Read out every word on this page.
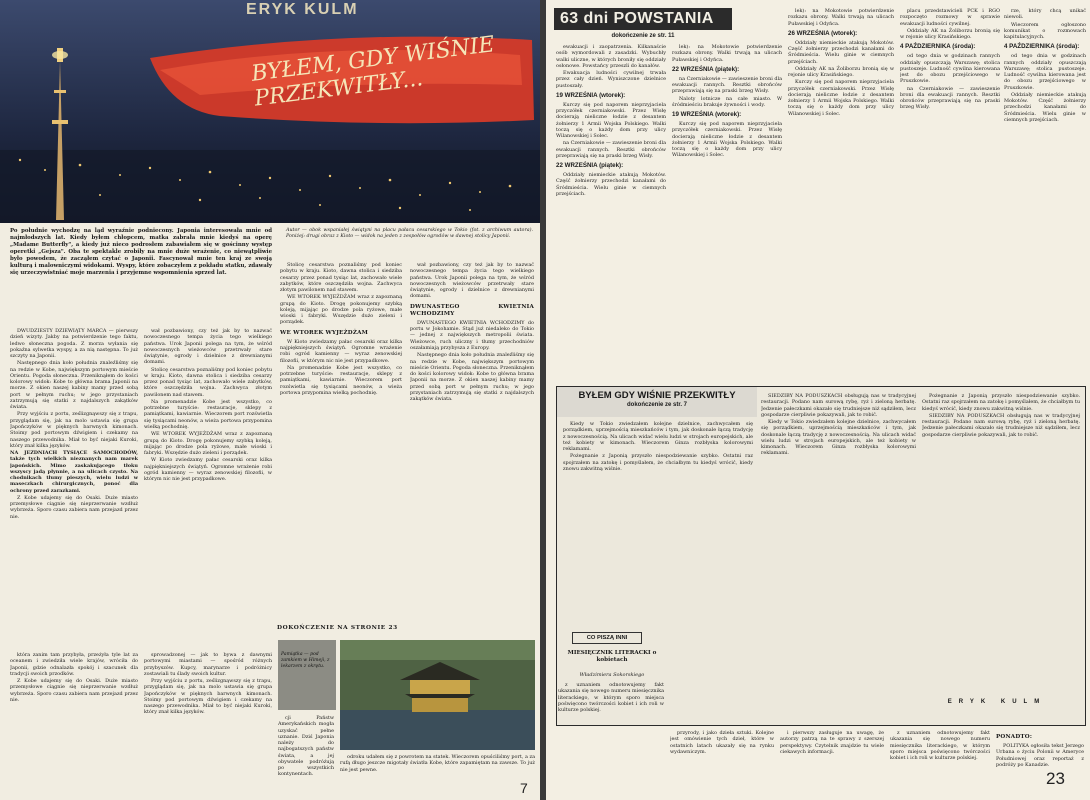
ERYK KULM
BYŁEM, GDY WIŚNIE PRZEKWITŁY...
Po południe wychodzę na ląd wyraźnie podniecony. Japonia interesowała mnie od najmłodszych lat. Kiedy byłem chłopcem, matka zabrała mnie kiedyś na operę „Madame Butterfly", a kiedy już nieco podrosłem zabawiałem się w gościnny występ operetki „Gejsza". Oba te spektakle zrobiły na mnie duże wrażenie, co niewątpliwie było powodem, że zacząłem czytać o Japonii. Fascynował mnie ten kraj ze swoją kulturą i malowniczymi widokami. Wyspy, które zobaczyłem z pokładu statku, zdawały się urzeczywistniać moje marzenia i przyjemne wspomnienia sprzed lat.
Autor — obok wspaniałej świątyni na placu pałacu cesarskiego w Tokio (fot. z archiwum autora). Poniżej: drugi obraz z Kioto — widok na jeden z zespołów ogrodów w dawnej stolicy Japonii.

DWUDZIESTY DZIEWIĄTY MARCA — pierwszy dzień wizyty. Jakby na potwierdzenie tego faktu, ledwo słoneczna pogoda. Z morza wyłania się pokaźna sylwetka wyspy, a za nią następna. To już szczyty na Japonii.

Następnego dnia koło południa znaleźliśmy się na redzie w Kobe, największym portowym mieście Orientu. Pogoda słoneczna. Przeniknąłem do kości kolorowy widok: Kobe to główna brama Japonii na morze. Z okien naszej kabiny mamy przed sobą port w pełnym ruchu; w jego przystaniach zatrzymują się statki z najdalszych zakątków świata.

Przy wyjściu z portu, ześlizgnąwszy się z trapu, przyglądam się, jak na molo ustawia się grupa Japończyków w pięknych barwnych kimonach. Stoimy pod portowym dźwigiem i czekamy na naszego przewodnika. Miał to być niejaki Kuroki, który znał kilka języków.

NA JEZDNIACH TYSIĄCE SAMOCHODÓW, także tych wielkich nieznanych nam marek japońskich. Mimo zaskakującego tłoku wszyscy jadą płynnie, a na ulicach czysto. Na chodnikach tłumy pieszych, wielu ludzi w maseczkach chirurgicznych, ponoć dla ochrony przed zarazkami.

Z Kobe udajemy się do Osaki. Duże miasto przemysłowe ciągnie się nieprzerwanie wzdłuż wybrzeża. Sporo czasu zabiera nam przejazd przez nie.

wał pozbawiony, czy też jak by to nazwać nowoczesnego tempa życia tego wielkiego państwa. Urok Japonii polega na tym, że wśród nowoczesnych wieżowców przetrwały stare świątynie, ogrody i dzielnice z drewnianymi domami.

Stolicę cesarstwa poznaliśmy pod koniec pobytu w kraju. Kioto, dawna stolica i siedziba cesarzy przez ponad tysiąc lat, zachowało wiele zabytków, które oszczędziła wojna. Zachwyca złotym pawilonem nad stawem.

Na promenadzie Kobe jest wszystko, co potrzebne turyście: restauracje, sklepy z pamiątkami, kawiarnie. Wieczorem port rozświetla się tysiącami neonów, a wieża portowa przypomina wielką pochodnię.

WE WTOREK WYJEŻDŻAM wraz z zapoznaną grupą do Kioto. Drogę pokonujemy szybką koleją, mijając po drodze pola ryżowe, małe wioski i fabryki. Wszędzie dużo zieleni i porządek.

W Kioto zwiedzamy pałac cesarski oraz kilka najpiękniejszych świątyń. Ogromne wrażenie robi ogród kamienny — wyraz zenowskiej filozofii, w którym nic nie jest przypadkowe.

Stolicę cesarstwa poznaliśmy pod koniec pobytu w kraju. Kioto, dawna stolica i siedziba cesarzy przez ponad tysiąc lat, zachowało wiele zabytków, które oszczędziła wojna. Zachwyca złotym pawilonem nad stawem.

WE WTOREK WYJEŻDŻAM wraz z zapoznaną grupą do Kioto. Drogę pokonujemy szybką koleją, mijając po drodze pola ryżowe, małe wioski i fabryki. Wszędzie dużo zieleni i porządek.

WE WTOREK WYJEŻDŻAM

W Kioto zwiedzamy pałac cesarski oraz kilka najpiękniejszych świątyń. Ogromne wrażenie robi ogród kamienny — wyraz zenowskiej filozofii, w którym nic nie jest przypadkowe.

Na promenadzie Kobe jest wszystko, co potrzebne turyście: restauracje, sklepy z pamiątkami, kawiarnie. Wieczorem port rozświetla się tysiącami neonów, a wieża portowa przypomina wielką pochodnię.

wał pozbawiony, czy też jak by to nazwać nowoczesnego tempa życia tego wielkiego państwa. Urok Japonii polega na tym, że wśród nowoczesnych wieżowców przetrwały stare świątynie, ogrody i dzielnice z drewnianymi domami.

DWUNASTEGO KWIETNIA WCHODZIMY

DWUNASTEGO KWIETNIA WCHODZIMY do portu w Jokohamie. Stąd już niedaleko do Tokio — jednej z największych metropolii świata. Wieżowce, ruch uliczny i tłumy przechodniów oszałamiają przybysza z Europy.

Następnego dnia koło południa znaleźliśmy się na redzie w Kobe, największym portowym mieście Orientu. Pogoda słoneczna. Przeniknąłem do kości kolorowy widok: Kobe to główna brama Japonii na morze. Z okien naszej kabiny mamy przed sobą port w pełnym ruchu; w jego przystaniach zatrzymują się statki z najdalszych zakątków świata.

DOKOŃCZENIE NA STRONIE 23
Pamiątka — pod zamkiem w Himeji, z lekarzem z okrętu.

która zanim tam przybyła, przeżyła tyle lat za oceanem i zwiedziła wiele krajów, wróciła do Japonii, gdzie odnalazła spokój i szacunek dla tradycji swoich przodków.

Z Kobe udajemy się do Osaki. Duże miasto przemysłowe ciągnie się nieprzerwanie wzdłuż wybrzeża. Sporo czasu zabiera nam przejazd przez nie.

sprowadzonej — jak to bywa z dawnymi portowymi miastami — spośród różnych przybyszów. Kupcy, marynarze i podróżnicy zostawiali tu ślady swoich kultur.

Przy wyjściu z portu, ześlizgnąwszy się z trapu, przyglądam się, jak na molo ustawia się grupa Japończyków w pięknych barwnych kimonach. Stoimy pod portowym dźwigiem i czekamy na naszego przewodnika. Miał to być niejaki Kuroki, który znał kilka języków.

cji Państw Amerykańskich mogła uzyskać pełne uznanie. Dziś Japonia należy do najbogatszych państw świata, a jej obywatele podróżują po wszystkich kontynentach.

odroku udałem się z powrotem na statek. Wieczorem opuściliśmy port, a za rufą długo jeszcze migotały światła Kobe, które zapamiętam na zawsze. To już nie jest pewne.

7
63 dni POWSTANIA
dokończenie ze str. 11

ewakuacji i zaopatrzenia. Kilkanaście osób wymordowali z zasadzki. Wybuchły walki uliczne, w których broniły się oddziały osłonowe. Powstańcy przeszli do kanałów.

Ewakuacja ludności cywilnej trwała przez cały dzień. Wyniszczone dzielnice pustoszały.

19 WRZEŚNIA (wtorek):

Kurczy się pod naporem nieprzyjaciela przyczółek czerniakowski. Przez Wisłę docierają nieliczne łodzie z desantem żołnierzy 1 Armii Wojska Polskiego. Walki toczą się o każdy dom przy ulicy Wilanowskiej i Solec.

na Czerniakowie — zawieszenie broni dla ewakuacji rannych. Resztki obrońców przeprawiają się na praski brzeg Wisły.

22 WRZEŚNIA (piątek):

Oddziały niemieckie atakują Mokotów. Część żołnierzy przechodzi kanałami do Śródmieścia. Wielu ginie w ciemnych przejściach.

lek): na Mokotowie potwierdzenie rozkazu obrony. Walki trwają na ulicach Puławskiej i Odyńca.

22 WRZEŚNIA (piątek):

na Czerniakowie — zawieszenie broni dla ewakuacji rannych. Resztki obrońców przeprawiają się na praski brzeg Wisły.

Naloty lotnicze na całe miasto. W śródmieściu brakuje żywności i wody.

19 WRZEŚNIA (wtorek):

Kurczy się pod naporem nieprzyjaciela przyczółek czerniakowski. Przez Wisłę docierają nieliczne łodzie z desantem żołnierzy 1 Armii Wojska Polskiego. Walki toczą się o każdy dom przy ulicy Wilanowskiej i Solec.

lek): na Mokotowie potwierdzenie rozkazu obrony. Walki trwają na ulicach Puławskiej i Odyńca.

26 WRZEŚNIA (wtorek):

Oddziały niemieckie atakują Mokotów. Część żołnierzy przechodzi kanałami do Śródmieścia. Wielu ginie w ciemnych przejściach.

Oddziały AK na Żoliborzu bronią się w rejonie ulicy Krasińskiego.

Kurczy się pod naporem nieprzyjaciela przyczółek czerniakowski. Przez Wisłę docierają nieliczne łodzie z desantem żołnierzy 1 Armii Wojska Polskiego. Walki toczą się o każdy dom przy ulicy Wilanowskiej i Solec.

placu przedstawicieli PCK i RGO rozpoczęto rozmowy w sprawie ewakuacji ludności cywilnej.

Oddziały AK na Żoliborzu bronią się w rejonie ulicy Krasińskiego.

4 PAŹDZIERNIKA (środa):

od tego dnia w godzinach rannych oddziały opuszczają Warszawę; stolica pustoszeje. Ludność cywilna kierowana jest do obozu przejściowego w Pruszkowie.

na Czerniakowie — zawieszenie broni dla ewakuacji rannych. Resztki obrońców przeprawiają się na praski brzeg Wisły.

rze, który chcą unikać niewoli.

Wieczorem ogłoszono komunikat o rozmowach kapitulacyjnych.

4 PAŹDZIERNIKA (środa):

od tego dnia w godzinach rannych oddziały opuszczają Warszawę; stolica pustoszeje. Ludność cywilna kierowana jest do obozu przejściowego w Pruszkowie.

Oddziały niemieckie atakują Mokotów. Część żołnierzy przechodzi kanałami do Śródmieścia. Wielu ginie w ciemnych przejściach.

BYŁEM GDY WIŚNIE PRZEKWITŁY
dokończenie ze str. 7

Kiedy w Tokio zwiedzałem kolejne dzielnice, zachwycałem się porządkiem, uprzejmością mieszkańców i tym, jak doskonale łączą tradycję z nowoczesnością. Na ulicach widać wielu ludzi w strojach europejskich, ale też kobiety w kimonach. Wieczorem Ginza rozbłyska kolorowymi reklamami.

Pożegnanie z Japonią przyszło niespodziewanie szybko. Ostatni raz spojrzałem na zatokę i pomyślałem, że chciałbym tu kiedyś wrócić, kiedy znowu zakwitną wiśnie.

SIEDZIBY NA PODUSZKACH obsługują nas w tradycyjnej restauracji. Podano nam surową rybę, ryż i zieloną herbatę. Jedzenie pałeczkami okazało się trudniejsze niż sądziłem, lecz gospodarze cierpliwie pokazywali, jak to robić.

Kiedy w Tokio zwiedzałem kolejne dzielnice, zachwycałem się porządkiem, uprzejmością mieszkańców i tym, jak doskonale łączą tradycję z nowoczesnością. Na ulicach widać wielu ludzi w strojach europejskich, ale też kobiety w kimonach. Wieczorem Ginza rozbłyska kolorowymi reklamami.

Pożegnanie z Japonią przyszło niespodziewanie szybko. Ostatni raz spojrzałem na zatokę i pomyślałem, że chciałbym tu kiedyś wrócić, kiedy znowu zakwitną wiśnie.

SIEDZIBY NA PODUSZKACH obsługują nas w tradycyjnej restauracji. Podano nam surową rybę, ryż i zieloną herbatę. Jedzenie pałeczkami okazało się trudniejsze niż sądziłem, lecz gospodarze cierpliwie pokazywali, jak to robić.

ERYK KULM
CO PISZĄ INNI
MIESIĘCZNIK LITERACKI o kobietach
Władzimiera Sokorskiego

z uznaniem odnotowujemy fakt ukazania się nowego numeru miesięcznika literackiego, w którym sporo miejsca poświęcono twórczości kobiet i ich roli w kulturze polskiej.

przyrody, i jako dzieła sztuki. Kolejne jest omówienie tych dzieł, które w ostatnich latach ukazały się na rynku wydawniczym.

i pierwszy zasługuje na uwagę, że autorzy patrzą na te sprawy z szerszej perspektywy. Czytelnik znajdzie tu wiele ciekawych informacji.

z uznaniem odnotowujemy fakt ukazania się nowego numeru miesięcznika literackiego, w którym sporo miejsca poświęcono twórczości kobiet i ich roli w kulturze polskiej.

PONADTO:

POLITYKA ogłosiła tekst Jerzego Urbana o życiu Polonii w Ameryce Południowej oraz reportaż z podróży po Kanadzie.

23
